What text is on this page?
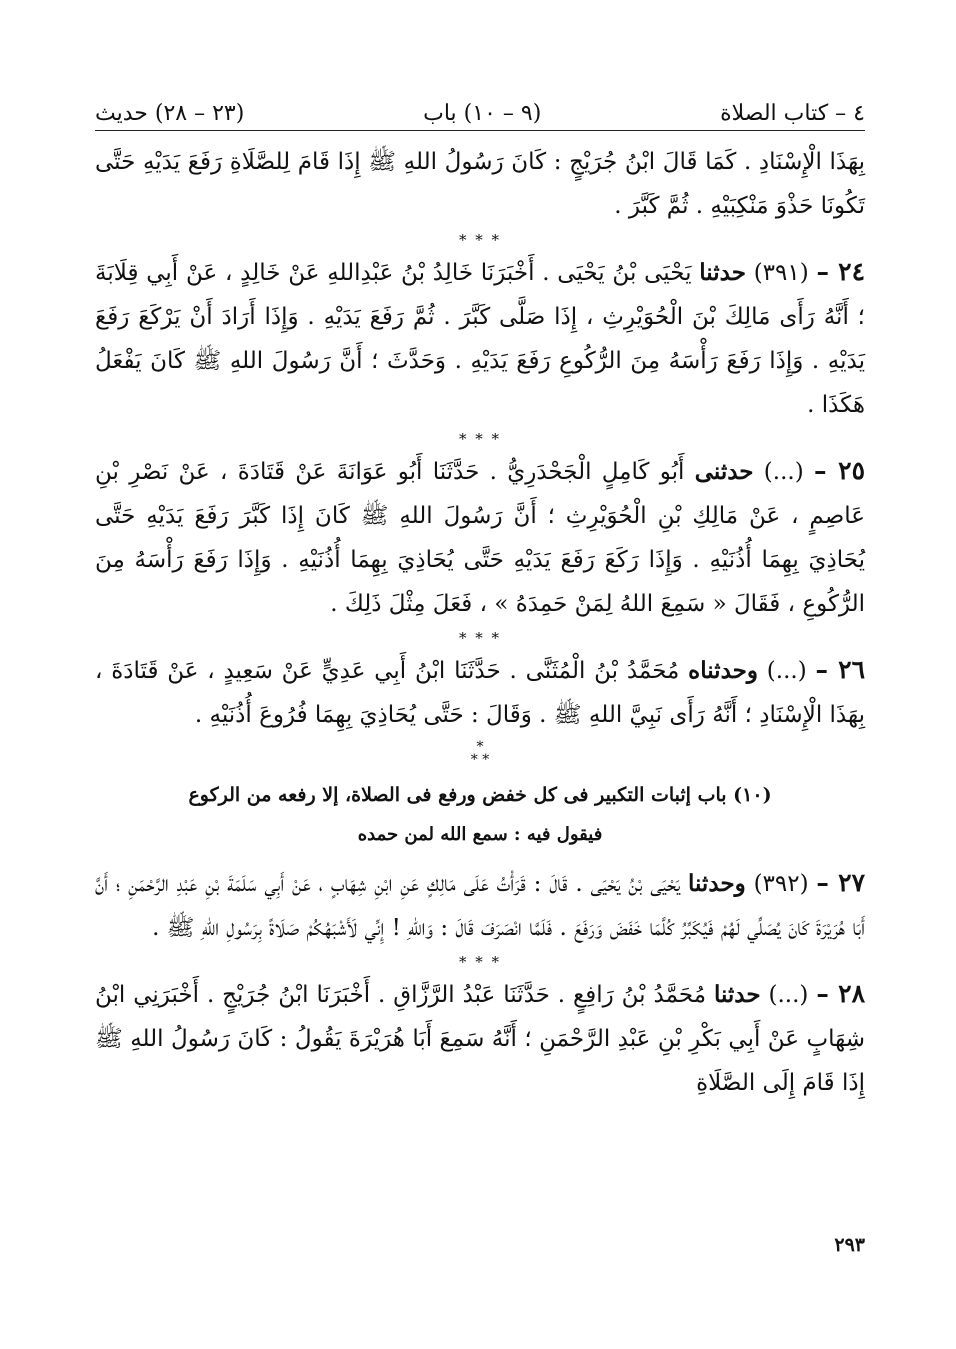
٤ – كتاب الصلاة
(٩ – ١٠) باب
(٢٣ – ٢٨) حديث

بِهَذَا الْإِسْنَادِ . كَمَا قَالَ ابْنُ جُرَيْجٍ : كَانَ رَسُولُ اللهِ ﷺ إِذَا قَامَ لِلصَّلَاةِ رَفَعَ يَدَيْهِ حَتَّى تَكُونَا حَذْوَ مَنْكِبَيْهِ . ثُمَّ كَبَّرَ .

* * *

٢٤ – (٣٩١) حدثنا يَحْيَى بْنُ يَحْيَى . أَخْبَرَنَا خَالِدُ بْنُ عَبْدِاللهِ عَنْ خَالِدٍ ، عَنْ أَبِي قِلَابَةَ ؛ أَنَّهُ رَأَى مَالِكَ بْنَ الْحُوَيْرِثِ ، إِذَا صَلَّى كَبَّرَ . ثُمَّ رَفَعَ يَدَيْهِ . وَإِذَا أَرَادَ أَنْ يَرْكَعَ رَفَعَ يَدَيْهِ . وَإِذَا رَفَعَ رَأْسَهُ مِنَ الرُّكُوعِ رَفَعَ يَدَيْهِ . وَحَدَّثَ ؛ أَنَّ رَسُولَ اللهِ ﷺ كَانَ يَفْعَلُ هَكَذَا .

* * *

٢٥ – (...) حدثنى أَبُو كَامِلٍ الْجَحْدَرِيُّ . حَدَّثَنَا أَبُو عَوَانَةَ عَنْ قَتَادَةَ ، عَنْ نَصْرِ بْنِ عَاصِمٍ ، عَنْ مَالِكِ بْنِ الْحُوَيْرِثِ ؛ أَنَّ رَسُولَ اللهِ ﷺ كَانَ إِذَا كَبَّرَ رَفَعَ يَدَيْهِ حَتَّى يُحَاذِيَ بِهِمَا أُذُنَيْهِ . وَإِذَا رَكَعَ رَفَعَ يَدَيْهِ حَتَّى يُحَاذِيَ بِهِمَا أُذُنَيْهِ . وَإِذَا رَفَعَ رَأْسَهُ مِنَ الرُّكُوعِ ، فَقَالَ « سَمِعَ اللهُ لِمَنْ حَمِدَهُ » ، فَعَلَ مِثْلَ ذَلِكَ .

* * *

٢٦ – (...) وحدثناه مُحَمَّدُ بْنُ الْمُثَنَّى . حَدَّثَنَا ابْنُ أَبِي عَدِيٍّ عَنْ سَعِيدٍ ، عَنْ قَتَادَةَ ، بِهَذَا الْإِسْنَادِ ؛ أَنَّهُ رَأَى نَبِيَّ اللهِ ﷺ . وَقَالَ : حَتَّى يُحَاذِيَ بِهِمَا فُرُوعَ أُذُنَيْهِ .

*
* *
(١٠) باب إثبات التكبير فى كل خفض ورفع فى الصلاة، إلا رفعه من الركوع
فيقول فيه : سمع الله لمن حمده

٢٧ – (٣٩٢) وحدثنا يَحْيَى بْنُ يَحْيَى . قَالَ : قَرَأْتُ عَلَى مَالِكٍ عَنِ ابْنِ شِهَابٍ ، عَنْ أَبِي سَلَمَةَ بْنِ عَبْدِ الرَّحْمَنِ ؛ أَنَّ أَبَا هُرَيْرَةَ كَانَ يُصَلِّي لَهُمْ فَيُكَبِّرُ كُلَّمَا خَفَضَ وَرَفَعَ . فَلَمَّا انْصَرَفَ قَالَ : وَاللهِ ! إِنِّي لَأَشْبَهُكُمْ صَلَاةً بِرَسُولِ اللهِ ﷺ .

* * *

٢٨ – (...) حدثنا مُحَمَّدُ بْنُ رَافِعٍ . حَدَّثَنَا عَبْدُ الرَّزَّاقِ . أَخْبَرَنَا ابْنُ جُرَيْجٍ . أَخْبَرَنِي ابْنُ شِهَابٍ عَنْ أَبِي بَكْرِ بْنِ عَبْدِ الرَّحْمَنِ ؛ أَنَّهُ سَمِعَ أَبَا هُرَيْرَةَ يَقُولُ : كَانَ رَسُولُ اللهِ ﷺ إِذَا قَامَ إِلَى الصَّلَاةِ

٢٩٣
